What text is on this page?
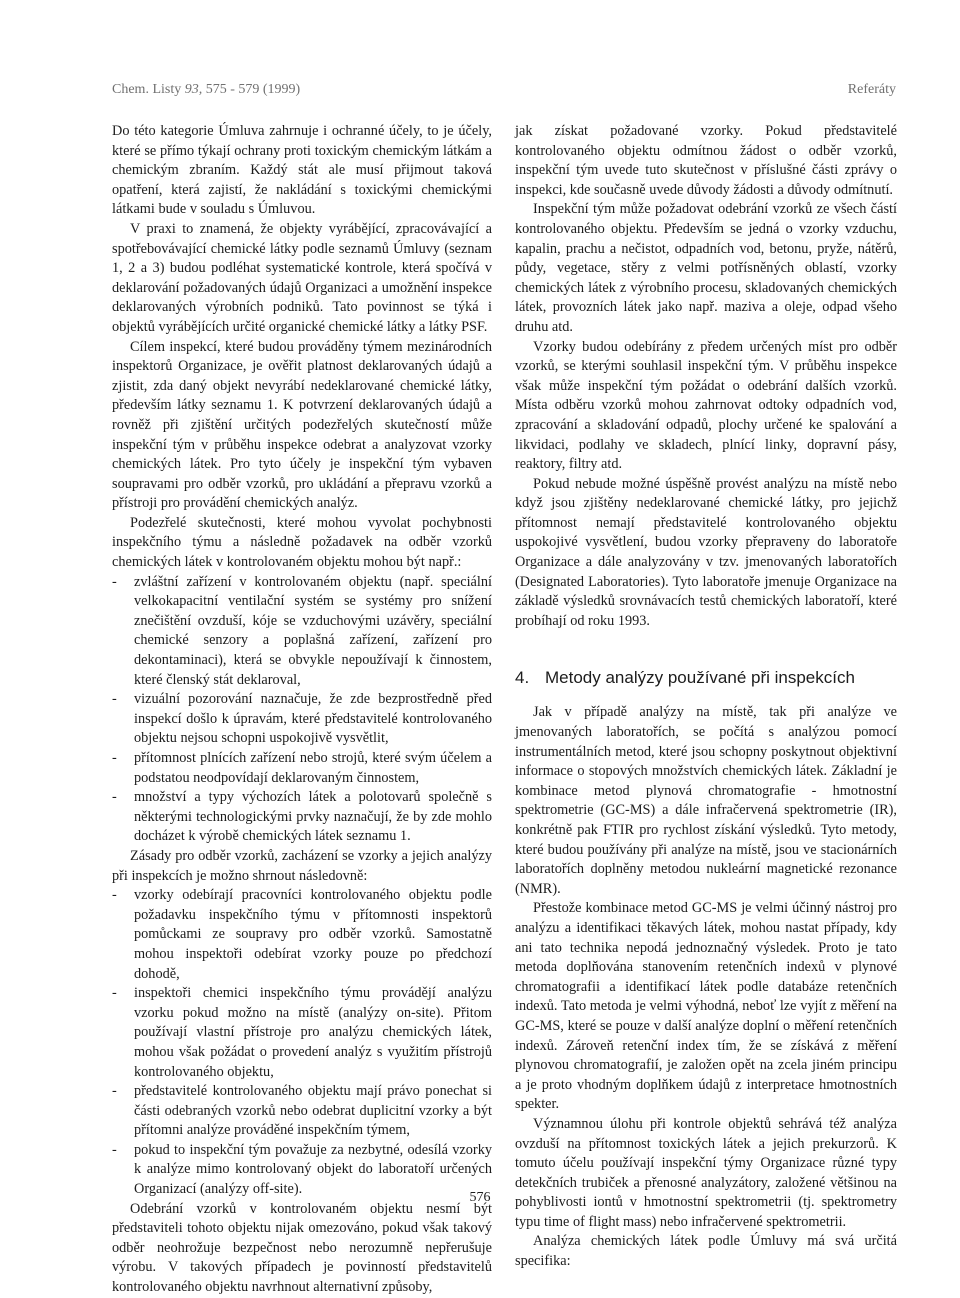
Chem. Listy 93, 575 - 579 (1999)	Referáty

Do této kategorie Úmluva zahrnuje i ochranné účely, to je účely, které se přímo týkají ochrany proti toxickým chemickým látkám a chemickým zbraním. Každý stát ale musí přijmout taková opatření, která zajistí, že nakládání s toxickými chemickými látkami bude v souladu s Úmluvou.

V praxi to znamená, že objekty vyrábějící, zpracovávající a spotřebovávající chemické látky podle seznamů Úmluvy (seznam 1, 2 a 3) budou podléhat systematické kontrole, která spočívá v deklarování požadovaných údajů Organizaci a umožnění inspekce deklarovaných výrobních podniků. Tato povinnost se týká i objektů vyrábějících určité organické chemické látky a látky PSF.

Cílem inspekcí, které budou prováděny týmem mezinárodních inspektorů Organizace, je ověřit platnost deklarovaných údajů a zjistit, zda daný objekt nevyrábí nedeklarované chemické látky, především látky seznamu 1. K potvrzení deklarovaných údajů a rovněž při zjištění určitých podezřelých skutečností může inspekční tým v průběhu inspekce odebrat a analyzovat vzorky chemických látek. Pro tyto účely je inspekční tým vybaven soupravami pro odběr vzorků, pro ukládání a přepravu vzorků a přístroji pro provádění chemických analýz.

Podezřelé skutečnosti, které mohou vyvolat pochybnosti inspekčního týmu a následně požadavek na odběr vzorků chemických látek v kontrolovaném objektu mohou být např.:

- zvláštní zařízení v kontrolovaném objektu (např. speciální velkokapacitní ventilační systém se systémy pro snížení znečištění ovzduší, kóje se vzduchovými uzávěry, speciální chemické senzory a poplašná zařízení, zařízení pro dekontaminaci), která se obvykle nepoužívají k činnostem, které členský stát deklaroval,
- vizuální pozorování naznačuje, že zde bezprostředně před inspekcí došlo k úpravám, které představitelé kontrolovaného objektu nejsou schopni uspokojivě vysvětlit,
- přítomnost plnících zařízení nebo strojů, které svým účelem a podstatou neodpovídají deklarovaným činnostem,
- množství a typy výchozích látek a polotovarů společně s některými technologickými prvky naznačují, že by zde mohlo docházet k výrobě chemických látek seznamu 1.

Zásady pro odběr vzorků, zacházení se vzorky a jejich analýzy při inspekcích je možno shrnout následovně:

- vzorky odebírají pracovníci kontrolovaného objektu podle požadavku inspekčního týmu v přítomnosti inspektorů pomůckami ze soupravy pro odběr vzorků. Samostatně mohou inspektoři odebírat vzorky pouze po předchozí dohodě,
- inspektoři chemici inspekčního týmu provádějí analýzu vzorku pokud možno na místě (analýzy on-site). Přitom používají vlastní přístroje pro analýzu chemických látek, mohou však požádat o provedení analýz s využitím přístrojů kontrolovaného objektu,
- představitelé kontrolovaného objektu mají právo ponechat si části odebraných vzorků nebo odebrat duplicitní vzorky a být přítomni analýze prováděné inspekčním týmem,
- pokud to inspekční tým považuje za nezbytné, odesílá vzorky k analýze mimo kontrolovaný objekt do laboratoří určených Organizací (analýzy off-site).

Odebrání vzorků v kontrolovaném objektu nesmí být představiteli tohoto objektu nijak omezováno, pokud však takový odběr neohrožuje bezpečnost nebo nerozumně nepřerušuje výrobu. V takových případech je povinností představitelů kontrolovaného objektu navrhnout alternativní způsoby,

jak získat požadované vzorky. Pokud představitelé kontrolovaného objektu odmítnou žádost o odběr vzorků, inspekční tým uvede tuto skutečnost v příslušné části zprávy o inspekci, kde současně uvede důvody žádosti a důvody odmítnutí.

Inspekční tým může požadovat odebrání vzorků ze všech částí kontrolovaného objektu. Především se jedná o vzorky vzduchu, kapalin, prachu a nečistot, odpadních vod, betonu, pryže, nátěrů, půdy, vegetace, stěry z velmi potřísněných oblastí, vzorky chemických látek z výrobního procesu, skladovaných chemických látek, provozních látek jako např. maziva a oleje, odpad všeho druhu atd.

Vzorky budou odebírány z předem určených míst pro odběr vzorků, se kterými souhlasil inspekční tým. V průběhu inspekce však může inspekční tým požádat o odebrání dalších vzorků. Místa odběru vzorků mohou zahrnovat odtoky odpadních vod, zpracování a skladování odpadů, plochy určené ke spalování a likvidaci, podlahy ve skladech, plnící linky, dopravní pásy, reaktory, filtry atd.

Pokud nebude možné úspěšně provést analýzu na místě nebo když jsou zjištěny nedeklarované chemické látky, pro jejichž přítomnost nemají představitelé kontrolovaného objektu uspokojivé vysvětlení, budou vzorky přepraveny do laboratoře Organizace a dále analyzovány v tzv. jmenovaných laboratořích (Designated Laboratories). Tyto laboratoře jmenuje Organizace na základě výsledků srovnávacích testů chemických laboratoří, které probíhají od roku 1993.

4. Metody analýzy používané při inspekcích

Jak v případě analýzy na místě, tak při analýze ve jmenovaných laboratořích, se počítá s analýzou pomocí instrumentálních metod, které jsou schopny poskytnout objektivní informace o stopových množstvích chemických látek. Základní je kombinace metod plynová chromatografie - hmotnostní spektrometrie (GC-MS) a dále infračervená spektrometrie (IR), konkrétně pak FTIR pro rychlost získání výsledků. Tyto metody, které budou používány při analýze na místě, jsou ve stacionárních laboratořích doplněny metodou nukleární magnetické rezonance (NMR).

Přestože kombinace metod GC-MS je velmi účinný nástroj pro analýzu a identifikaci těkavých látek, mohou nastat případy, kdy ani tato technika nepodá jednoznačný výsledek. Proto je tato metoda doplňována stanovením retenčních indexů v plynové chromatografii a identifikací látek podle databáze retenčních indexů. Tato metoda je velmi výhodná, neboť lze vyjít z měření na GC-MS, které se pouze v další analýze doplní o měření retenčních indexů. Zároveň retenční index tím, že se získává z měření plynovou chromatografií, je založen opět na zcela jiném principu a je proto vhodným doplňkem údajů z interpretace hmotnostních spekter.

Významnou úlohu při kontrole objektů sehrává též analýza ovzduší na přítomnost toxických látek a jejich prekurzorů. K tomuto účelu používají inspekční týmy Organizace různé typy detekčních trubiček a přenosné analyzátory, založené většinou na pohyblivosti iontů v hmotnostní spektrometrii (tj. spektrometry typu time of flight mass) nebo infračervené spektrometrii.

Analýza chemických látek podle Úmluvy má svá určitá specifika:

576
